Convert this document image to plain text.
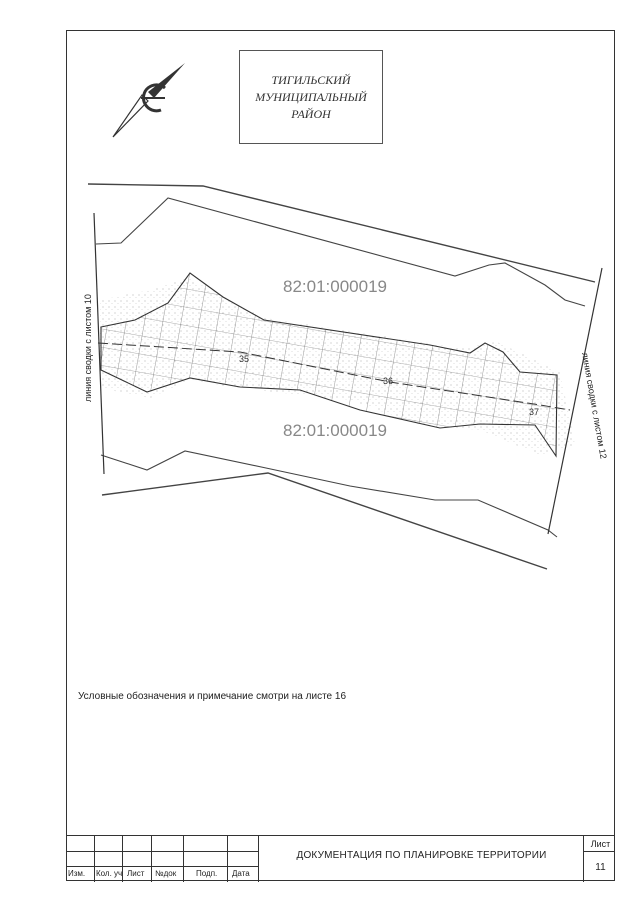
ТИГИЛЬСКИЙ
МУНИЦИПАЛЬНЫЙ
РАЙОН
линия сводки с листом 10
линия сводки с листом 12
82:01:000019
82:01:000019
35
36
37
Условные обозначения и примечание смотри на листе 16
Изм. Кол. уч Лист №док Подп. Дата
ДОКУМЕНТАЦИЯ ПО ПЛАНИРОВКЕ ТЕРРИТОРИИ
Лист
11
